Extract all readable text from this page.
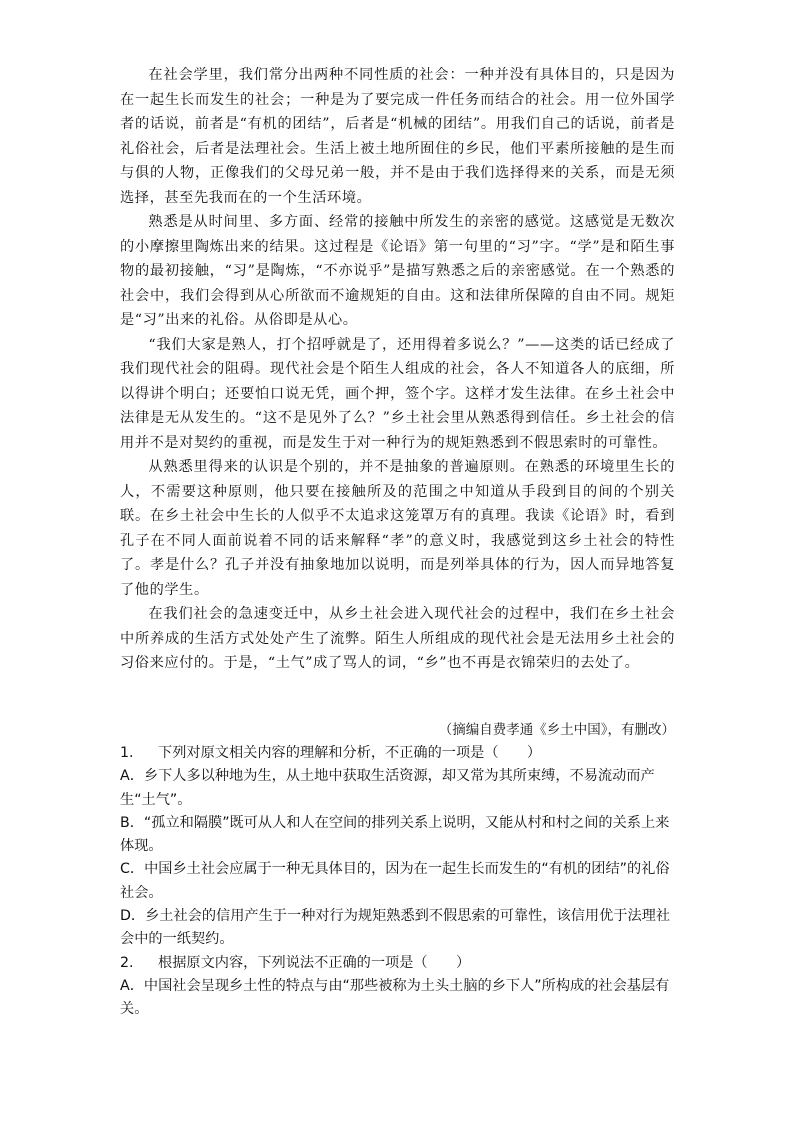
在社会学里，我们常分出两种不同性质的社会：一种并没有具体目的，只是因为在一起生长而发生的社会；一种是为了要完成一件任务而结合的社会。用一位外国学者的话说，前者是“有机的团结”，后者是“机械的团结”。用我们自己的话说，前者是礼俗社会，后者是法理社会。生活上被土地所囿住的乡民，他们平素所接触的是生而与俱的人物，正像我们的父母兄弟一般，并不是由于我们选择得来的关系，而是无须选择，甚至先我而在的一个生活环境。

熟悉是从时间里、多方面、经常的接触中所发生的亲密的感觉。这感觉是无数次的小摩擦里陶炼出来的结果。这过程是《论语》第一句里的“习”字。“学”是和陌生事物的最初接触，“习”是陶炼，“不亦说乎”是描写熟悉之后的亲密感觉。在一个熟悉的社会中，我们会得到从心所欲而不逾规矩的自由。这和法律所保障的自由不同。规矩是“习”出来的礼俗。从俗即是从心。

“我们大家是熟人，打个招呼就是了，还用得着多说么？”——这类的话已经成了我们现代社会的阻碍。现代社会是个陌生人组成的社会，各人不知道各人的底细，所以得讲个明白；还要怕口说无凭，画个押，签个字。这样才发生法律。在乡土社会中法律是无从发生的。“这不是见外了么？”乡土社会里从熟悉得到信任。乡土社会的信用并不是对契约的重视，而是发生于对一种行为的规矩熟悉到不假思索时的可靠性。

从熟悉里得来的认识是个别的，并不是抽象的普遍原则。在熟悉的环境里生长的人，不需要这种原则，他只要在接触所及的范围之中知道从手段到目的间的个别关联。在乡土社会中生长的人似乎不太追求这笼罩万有的真理。我读《论语》时，看到孔子在不同人面前说着不同的话来解释“孝”的意义时，我感觉到这乡土社会的特性了。孝是什么？孔子并没有抽象地加以说明，而是列举具体的行为，因人而异地答复了他的学生。

在我们社会的急速变迁中，从乡土社会进入现代社会的过程中，我们在乡土社会中所养成的生活方式处处产生了流弊。陌生人所组成的现代社会是无法用乡土社会的习俗来应付的。于是，“土气”成了骂人的词，“乡”也不再是衣锦荣归的去处了。

（摘编自费孝通《乡土中国》，有删改）

1. 下列对原文相关内容的理解和分析，不正确的一项是（　　）

A．乡下人多以种地为生，从土地中获取生活资源，却又常为其所束缚，不易流动而产生“土气”。

B．“孤立和隔膜”既可从人和人在空间的排列关系上说明，又能从村和村之间的关系上来体现。

C．中国乡土社会应属于一种无具体目的，因为在一起生长而发生的“有机的团结”的礼俗社会。

D．乡土社会的信用产生于一种对行为规矩熟悉到不假思索的可靠性，该信用优于法理社会中的一纸契约。

2. 根据原文内容，下列说法不正确的一项是（　　）

A．中国社会呈现乡土性的特点与由“那些被称为土头土脑的乡下人”所构成的社会基层有关。
